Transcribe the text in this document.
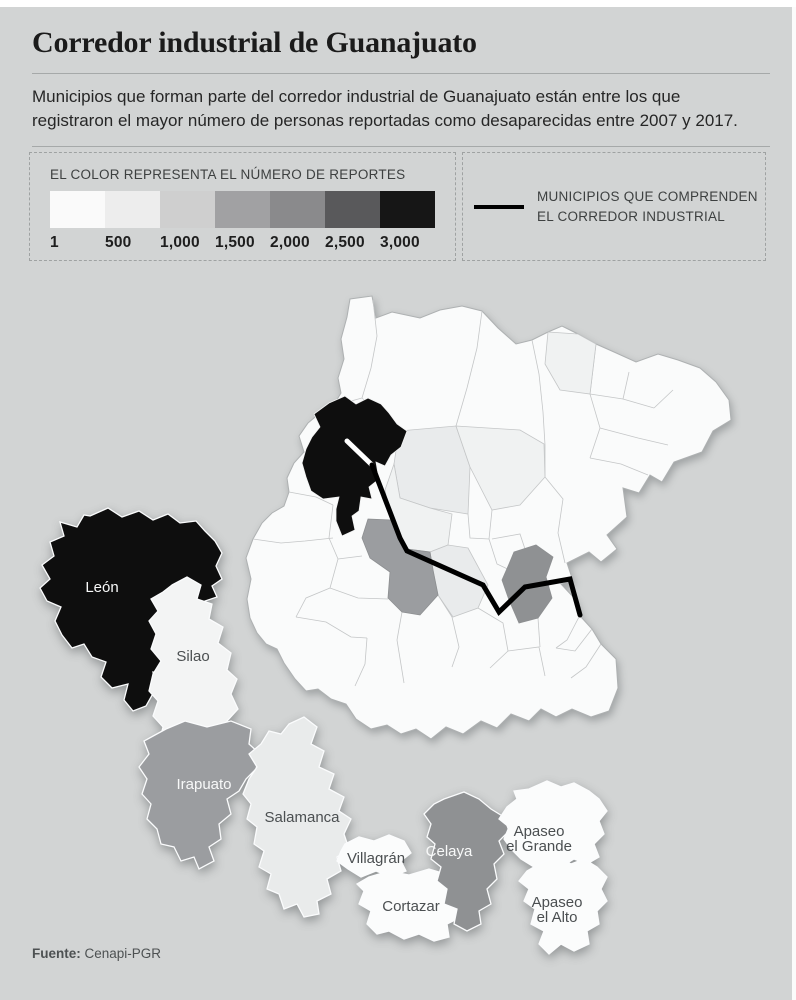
Corredor industrial de Guanajuato

Municipios que forman parte del corredor industrial de Guanajuato están entre los que registraron el mayor número de personas reportadas como desaparecidas entre 2007 y 2017.

EL COLOR REPRESENTA EL NÚMERO DE REPORTES
1	500	1,000 1,500 2,000 2,500 3,000
MUNICIPIOS QUE COMPRENDEN
EL CORREDOR INDUSTRIAL
León
Silao
Irapuato
Salamanca
Villagrán
Cortazar
Celaya
Apaseo
el Grande
Apaseo
el Alto
Fuente: Cenapi-PGR
